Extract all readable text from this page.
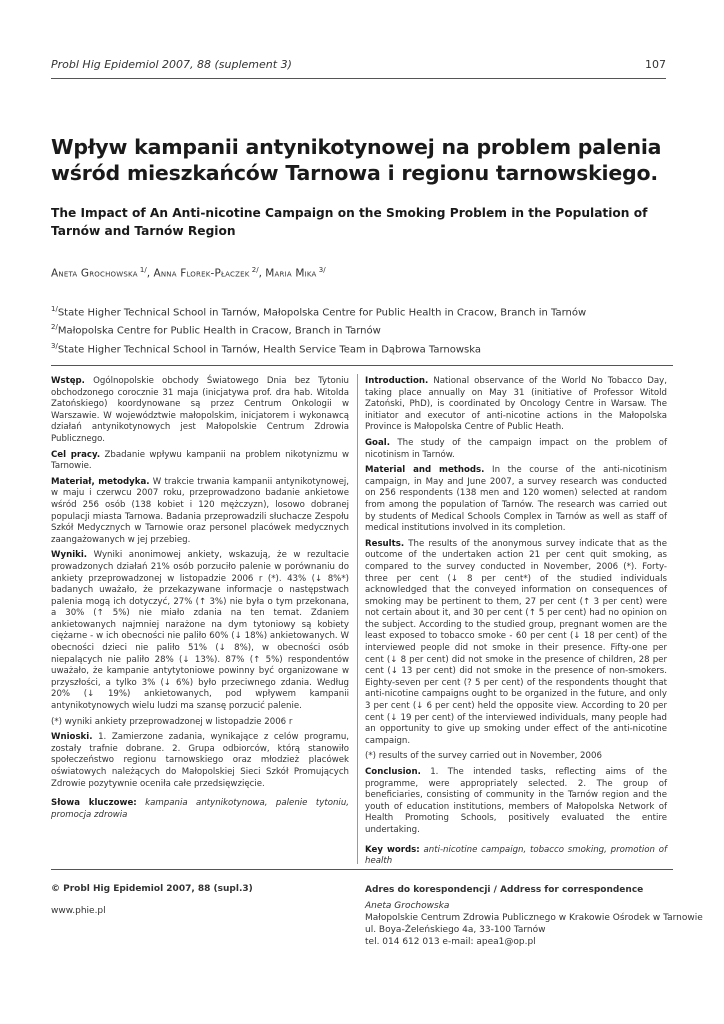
Probl Hig Epidemiol 2007, 88 (suplement 3)	107
Wpływ kampanii antynikotynowej na problem palenia wśród mieszkańców Tarnowa i regionu tarnowskiego.
The Impact of An Anti-nicotine Campaign on the Smoking Problem in the Population of Tarnów and Tarnów Region
Aneta Grochowska $^{1/}$, Anna Florek-Płaczek $^{2/}$, Maria Mika $^{3/}$
$^{1/}$State Higher Technical School in Tarnów, Małopolska Centre for Public Health in Cracow, Branch in Tarnów
$^{2/}$Małopolska Centre for Public Health in Cracow, Branch in Tarnów
$^{3/}$State Higher Technical School in Tarnów, Health Service Team in Dąbrowa Tarnowska

Wstęp. Ogólnopolskie obchody Światowego Dnia bez Tytoniu obchodzonego corocznie 31 maja (inicjatywa prof. dra hab. Witolda Zatońskiego) koordynowane są przez Centrum Onkologii w Warszawie. W województwie małopolskim, inicjatorem i wykonawcą działań antynikotynowych jest Małopolskie Centrum Zdrowia Publicznego.

Cel pracy. Zbadanie wpływu kampanii na problem nikotynizmu w Tarnowie.

Materiał, metodyka. W trakcie trwania kampanii antynikotynowej, w maju i czerwcu 2007 roku, przeprowadzono badanie ankietowe wśród 256 osób (138 kobiet i 120 mężczyzn), losowo dobranej populacji miasta Tarnowa. Badania przeprowadzili słuchacze Zespołu Szkół Medycznych w Tarnowie oraz personel placówek medycznych zaangażowanych w jej przebieg.

Wyniki. Wyniki anonimowej ankiety, wskazują, że w rezultacie prowadzonych działań 21% osób porzuciło palenie w porównaniu do ankiety przeprowadzonej w listopadzie 2006 r (*). 43% (↓ 8%*) badanych uważało, że przekazywane informacje o następstwach palenia mogą ich dotyczyć, 27% (↑ 3%) nie była o tym przekonana, a 30% (↑ 5%) nie miało zdania na ten temat. Zdaniem ankietowanych najmniej narażone na dym tytoniowy są kobiety ciężarne - w ich obecności nie paliło 60% (↓ 18%) ankietowanych. W obecności dzieci nie paliło 51% (↓ 8%), w obecności osób niepalących nie paliło 28% (↓ 13%). 87% (↑ 5%) respondentów uważało, że kampanie antytytoniowe powinny być organizowane w przyszłości, a tylko 3% (↓ 6%) było przeciwnego zdania. Według 20% (↓ 19%) ankietowanych, pod wpływem kampanii antynikotynowych wielu ludzi ma szansę porzucić palenie.

(*) wyniki ankiety przeprowadzonej w listopadzie 2006 r

Wnioski. 1. Zamierzone zadania, wynikające z celów programu, zostały trafnie dobrane. 2. Grupa odbiorców, którą stanowiło społeczeństwo regionu tarnowskiego oraz młodzież placówek oświatowych należących do Małopolskiej Sieci Szkół Promujących Zdrowie pozytywnie oceniła całe przedsięwzięcie.

Słowa kluczowe: kampania antynikotynowa, palenie tytoniu, promocja zdrowia

Introduction. National observance of the World No Tobacco Day, taking place annually on May 31 (initiative of Professor Witold Zatoński, PhD), is coordinated by Oncology Centre in Warsaw. The initiator and executor of anti-nicotine actions in the Małopolska Province is Małopolska Centre of Public Heath.

Goal. The study of the campaign impact on the problem of nicotinism in Tarnów.

Material and methods. In the course of the anti-nicotinism campaign, in May and June 2007, a survey research was conducted on 256 respondents (138 men and 120 women) selected at random from among the population of Tarnów. The research was carried out by students of Medical Schools Complex in Tarnów as well as staff of medical institutions involved in its completion.

Results. The results of the anonymous survey indicate that as the outcome of the undertaken action 21 per cent quit smoking, as compared to the survey conducted in November, 2006 (*). Forty-three per cent (↓ 8 per cent*) of the studied individuals acknowledged that the conveyed information on consequences of smoking may be pertinent to them, 27 per cent (↑ 3 per cent) were not certain about it, and 30 per cent (↑ 5 per cent) had no opinion on the subject. According to the studied group, pregnant women are the least exposed to tobacco smoke - 60 per cent (↓ 18 per cent) of the interviewed people did not smoke in their presence. Fifty-one per cent (↓ 8 per cent) did not smoke in the presence of children, 28 per cent (↓ 13 per cent) did not smoke in the presence of non-smokers. Eighty-seven per cent (? 5 per cent) of the respondents thought that anti-nicotine campaigns ought to be organized in the future, and only 3 per cent (↓ 6 per cent) held the opposite view. According to 20 per cent (↓ 19 per cent) of the interviewed individuals, many people had an opportunity to give up smoking under effect of the anti-nicotine campaign.

(*) results of the survey carried out in November, 2006

Conclusion. 1. The intended tasks, reflecting aims of the programme, were appropriately selected. 2. The group of beneficiaries, consisting of community in the Tarnów region and the youth of education institutions, members of Małopolska Network of Health Promoting Schools, positively evaluated the entire undertaking.

Key words: anti-nicotine campaign, tobacco smoking, promotion of health

© Probl Hig Epidemiol 2007, 88 (supl.3)
www.phie.pl
Adres do korespondencji / Address for correspondence
Aneta Grochowska
Małopolskie Centrum Zdrowia Publicznego w Krakowie Ośrodek w Tarnowie
ul. Boya-Żeleńskiego 4a, 33-100 Tarnów
tel. 014 612 013 e-mail: apea1@op.pl
